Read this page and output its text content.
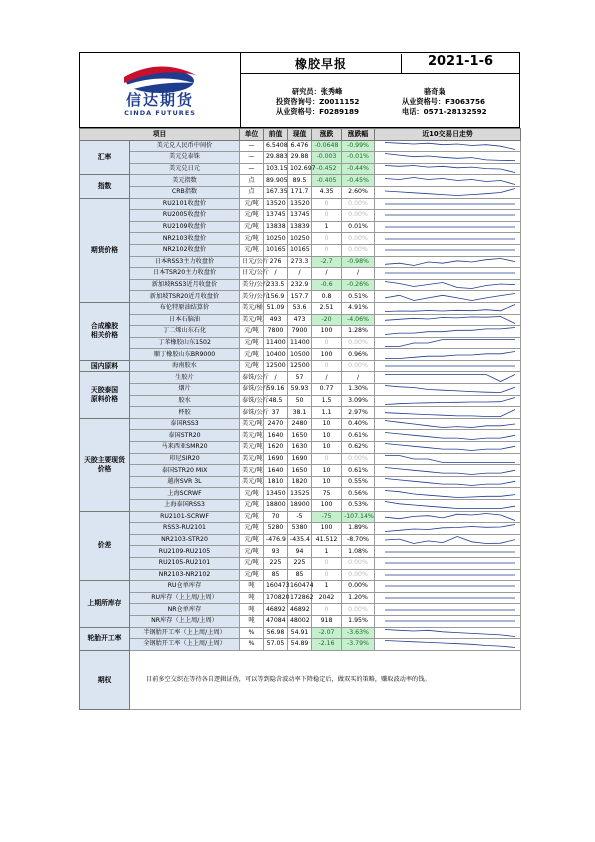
信达期货
CINDA FUTURES
橡胶早报	2021-1-6
研究员：张秀峰	骆奇枭
投资咨询号：Z0011152	从业资格号：F3063756
从业资格号：F0289189	电话：0571-28132592
项目		单位	前值	现值	涨跌	涨跌幅	近10交易日走势
汇率	美元兑人民币中间价	—	6.5408	6.476	-0.0648	-0.99%	

	美元兑泰铢	—	29.883	29.88	-0.003	-0.01%	

	美元兑日元	—	103.15	102.697	-0.452	-0.44%	

指数	美元指数	点	89.905	89.5	-0.405	-0.45%	

	CRB指数	点	167.35	171.7	4.35	2.60%	

期货价格	RU2101收盘价	元/吨	13520	13520	0	0.00%	

	RU2005收盘价	元/吨	13745	13745	0	0.00%	

	RU2109收盘价	元/吨	13838	13839	1	0.01%	

	NR2103收盘价	元/吨	10250	10250	0	0.00%	

	NR2102收盘价	元/吨	10165	10165	0	0.00%	

	日本RSS3主力收盘价	日元/公斤	276	273.3	-2.7	-0.98%	

	日本TSR20主力收盘价	日元/公斤	/	/	/	/	

	新加坡RSS3近月收盘价	美分/公斤	233.5	232.9	-0.6	-0.26%	

	新加坡TSR20近月收盘价	美分/公斤	156.9	157.7	0.8	0.51%	

合成橡胶
相关价格	布伦特原油结算价	美元/桶	51.09	53.6	2.51	4.91%	

	日本石脑油	美元/吨	493	473	-20	-4.06%	

	丁二烯山东石化	元/吨	7800	7900	100	1.28%	

	丁苯橡胶山东1502	元/吨	11400	11400	0	0.00%	

	顺丁橡胶山东BR9000	元/吨	10400	10500	100	0.96%	

国内原料	海南胶水	元/吨	12500	12500	0	0.00%	

天胶泰国
原料价格	生胶片	泰铢/公斤	/	57	/	/	

	烟片	泰铢/公斤	59.16	59.93	0.77	1.30%	

	胶水	泰铢/公斤	48.5	50	1.5	3.09%	

	杯胶	泰铢/公斤	37	38.1	1.1	2.97%	

天胶主要现货价格	泰国RSS3	美元/吨	2470	2480	10	0.40%	

	泰国STR20	美元/吨	1640	1650	10	0.61%	

	马来西亚SMR20	美元/吨	1620	1630	10	0.62%	

	印尼SIR20	美元/吨	1690	1690	0	0.00%	

	泰国STR20 MIX	美元/吨	1640	1650	10	0.61%	

	越南SVR 3L	美元/吨	1810	1820	10	0.55%	

	上海SCRWF	元/吨	13450	13525	75	0.56%	

	上海泰国RSS3	元/吨	18800	18900	100	0.53%	

价差	RU2101-SCRWF	元/吨	70	-5	-75	-107.14%	

	RSS3-RU2101	元/吨	5280	5380	100	1.89%	

	NR2103-STR20	元/吨	-476.9	-435.4	41.512	-8.70%	

	RU2109-RU2105	元/吨	93	94	1	1.08%	

	RU2105-RU2101	元/吨	225	225	0	0.00%	

	NR2103-NR2102	元/吨	85	85	0	0.00%	

上期所库存	RU仓单库存	吨	160473	160474	1	0.00%	

	RU库存（上上周/上周）	吨	170820	172862	2042	1.20%	

	NR仓单库存	吨	46892	46892	0	0.00%	

	NR库存（上上周/上周）	吨	47084	48002	918	1.95%	

轮胎开工率	半钢胎开工率（上上周/上周）	%	56.98	54.91	-2.07	-3.63%	

	全钢胎开工率（上上周/上周）	%	57.05	54.89	-2.16	-3.79%	

期权	目前多空交织在等待各自逻辑证伪，可以等到隐含波动率下降稳定后，做双买的策略，赚取波动率的钱。						
